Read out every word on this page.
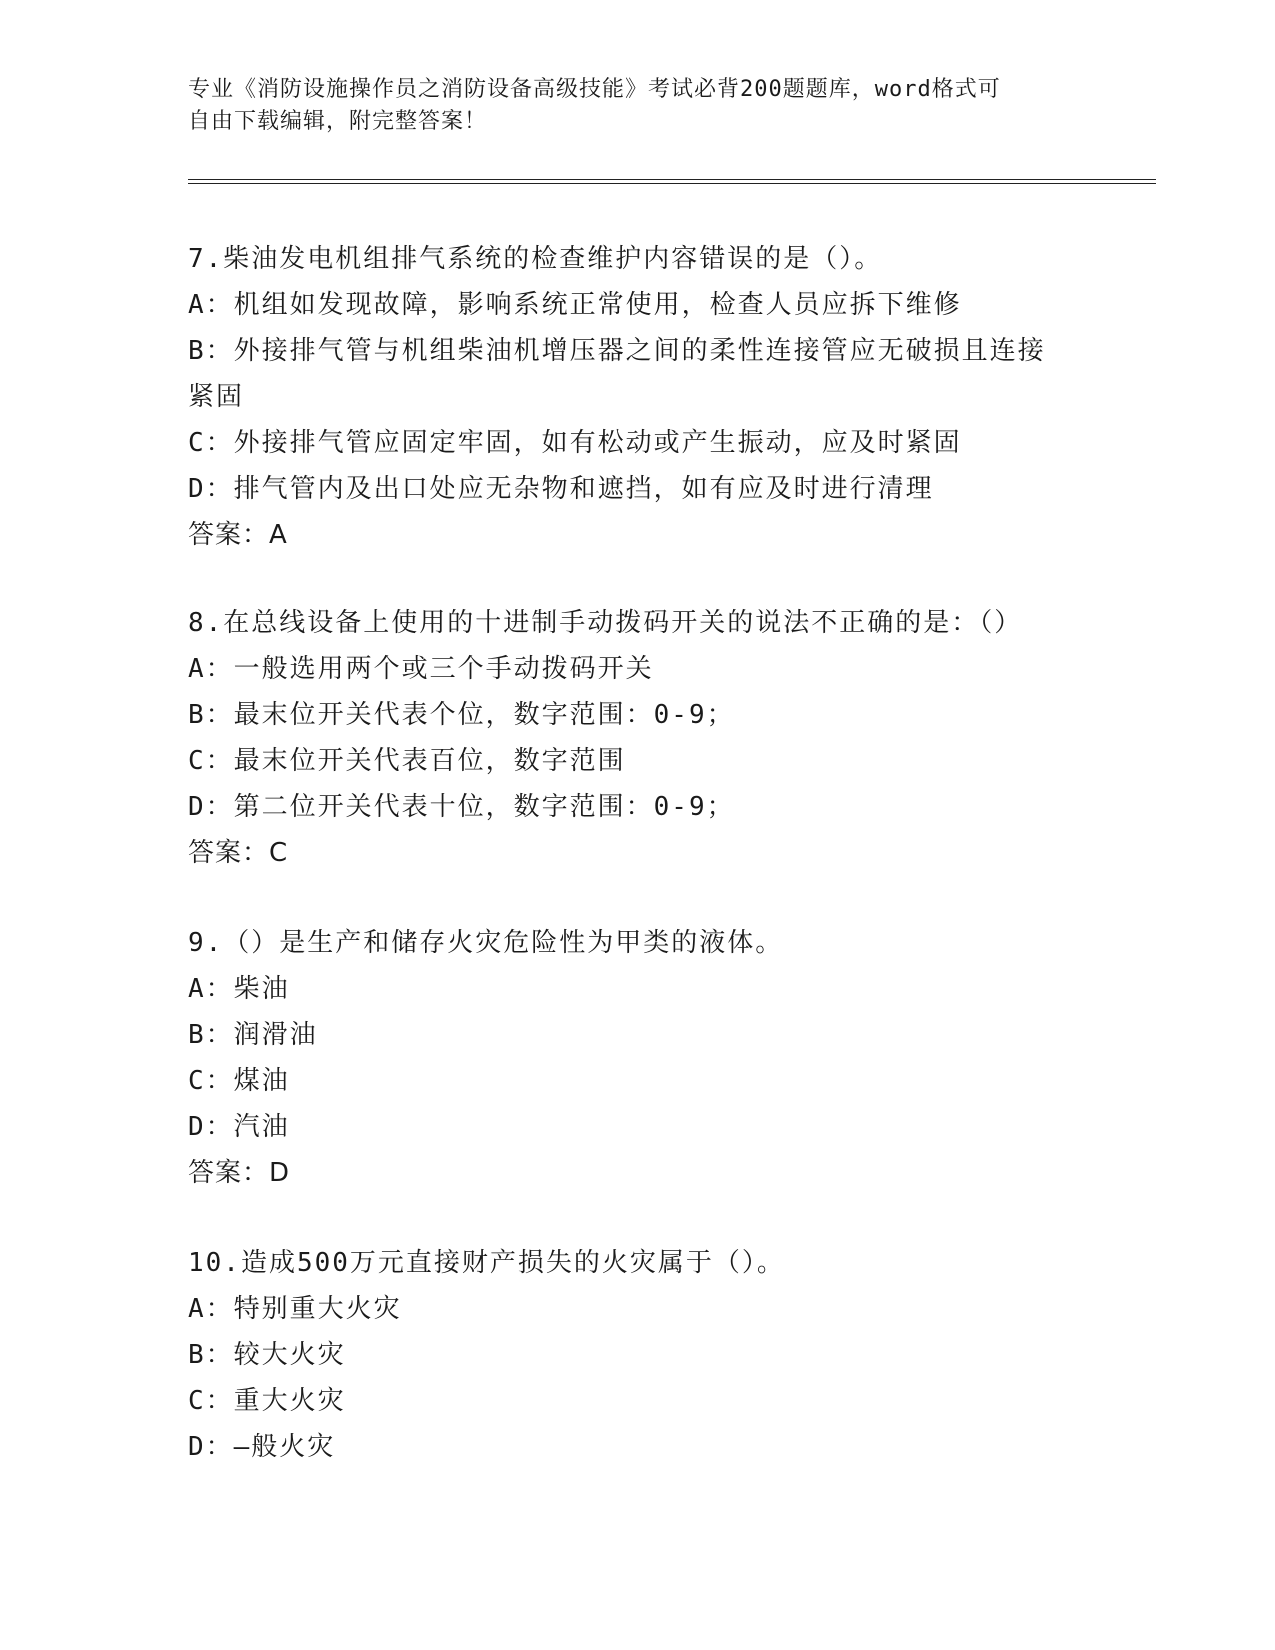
专业《消防设施操作员之消防设备高级技能》考试必背200题题库，word格式可
自由下载编辑，附完整答案！
7.柴油发电机组排气系统的检查维护内容错误的是（）。
A：机组如发现故障，影响系统正常使用，检查人员应拆下维修
B：外接排气管与机组柴油机增压器之间的柔性连接管应无破损且连接
紧固
C：外接排气管应固定牢固，如有松动或产生振动，应及时紧固
D：排气管内及出口处应无杂物和遮挡，如有应及时进行清理
答案：A
8.在总线设备上使用的十进制手动拨码开关的说法不正确的是：（）
A：一般选用两个或三个手动拨码开关
B：最末位开关代表个位，数字范围：0-9；
C：最末位开关代表百位，数字范围
D：第二位开关代表十位，数字范围：0-9；
答案：C
9.（）是生产和储存火灾危险性为甲类的液体。
A：柴油
B：润滑油
C：煤油
D：汽油
答案：D
10.造成500万元直接财产损失的火灾属于（）。
A：特别重大火灾
B：较大火灾
C：重大火灾
D：—般火灾
